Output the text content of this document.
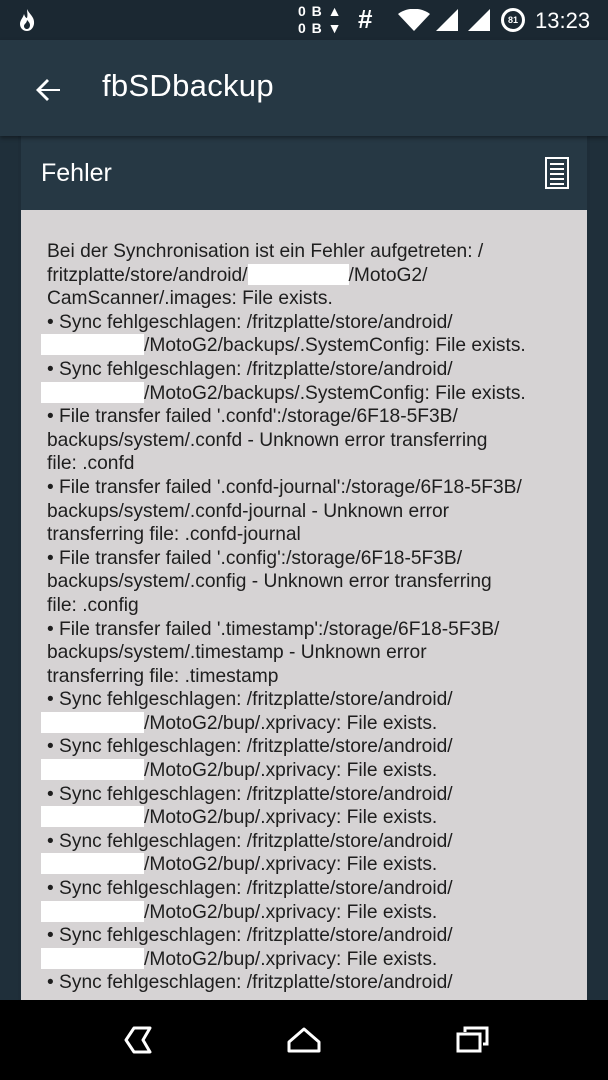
0 B ▲
0 B ▼ #	81 13:23
fbSDbackup
Fehler

Bei der Synchronisation ist ein Fehler aufgetreten: /

fritzplatte/store/android/	/MotoG2/

CamScanner/.images: File exists.

• Sync fehlgeschlagen: /fritzplatte/store/android/

/MotoG2/backups/.SystemConfig: File exists.

• Sync fehlgeschlagen: /fritzplatte/store/android/

/MotoG2/backups/.SystemConfig: File exists.

• File transfer failed '.confd':/storage/6F18-5F3B/

backups/system/.confd - Unknown error transferring

file: .confd

• File transfer failed '.confd-journal':/storage/6F18-5F3B/

backups/system/.confd-journal - Unknown error

transferring file: .confd-journal

• File transfer failed '.config':/storage/6F18-5F3B/

backups/system/.config - Unknown error transferring

file: .config

• File transfer failed '.timestamp':/storage/6F18-5F3B/

backups/system/.timestamp - Unknown error

transferring file: .timestamp

• Sync fehlgeschlagen: /fritzplatte/store/android/

/MotoG2/bup/.xprivacy: File exists.

• Sync fehlgeschlagen: /fritzplatte/store/android/

/MotoG2/bup/.xprivacy: File exists.

• Sync fehlgeschlagen: /fritzplatte/store/android/

/MotoG2/bup/.xprivacy: File exists.

• Sync fehlgeschlagen: /fritzplatte/store/android/

/MotoG2/bup/.xprivacy: File exists.

• Sync fehlgeschlagen: /fritzplatte/store/android/

/MotoG2/bup/.xprivacy: File exists.

• Sync fehlgeschlagen: /fritzplatte/store/android/

/MotoG2/bup/.xprivacy: File exists.

• Sync fehlgeschlagen: /fritzplatte/store/android/
